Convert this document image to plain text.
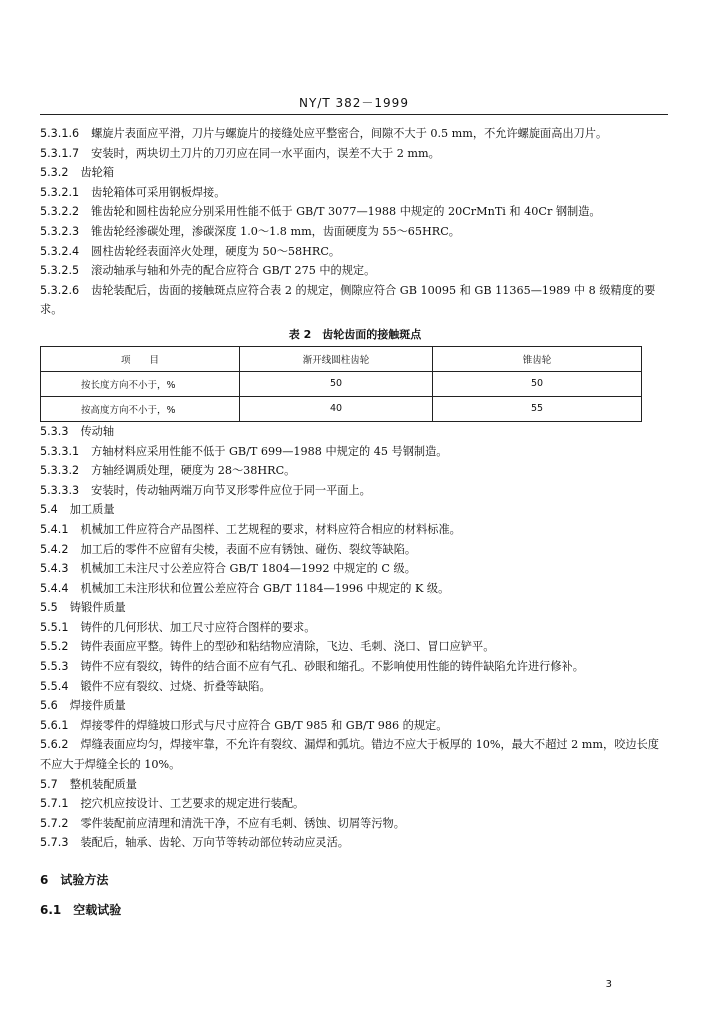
NY/T 382－1999

5.3.1.6 螺旋片表面应平滑，刀片与螺旋片的接缝处应平整密合，间隙不大于 0.5 mm，不允许螺旋面高出刀片。

5.3.1.7 安装时，两块切土刀片的刀刃应在同一水平面内，误差不大于 2 mm。

5.3.2 齿轮箱

5.3.2.1 齿轮箱体可采用钢板焊接。

5.3.2.2 锥齿轮和圆柱齿轮应分别采用性能不低于 GB/T 3077—1988 中规定的 20CrMnTi 和 40Cr 钢制造。

5.3.2.3 锥齿轮经渗碳处理，渗碳深度 1.0～1.8 mm，齿面硬度为 55～65HRC。

5.3.2.4 圆柱齿轮经表面淬火处理，硬度为 50～58HRC。

5.3.2.5 滚动轴承与轴和外壳的配合应符合 GB/T 275 中的规定。

5.3.2.6 齿轮装配后，齿面的接触斑点应符合表 2 的规定，侧隙应符合 GB 10095 和 GB 11365—1989 中 8 级精度的要求。

表 2　齿轮齿面的接触斑点
项　　目	渐开线圆柱齿轮	锥齿轮
按长度方向不小于，%	50	50
按高度方向不小于，%	40	55

5.3.3 传动轴

5.3.3.1 方轴材料应采用性能不低于 GB/T 699—1988 中规定的 45 号钢制造。

5.3.3.2 方轴经调质处理，硬度为 28～38HRC。

5.3.3.3 安装时，传动轴两端万向节叉形零件应位于同一平面上。

5.4 加工质量

5.4.1 机械加工件应符合产品图样、工艺规程的要求，材料应符合相应的材料标准。

5.4.2 加工后的零件不应留有尖棱，表面不应有锈蚀、碰伤、裂纹等缺陷。

5.4.3 机械加工未注尺寸公差应符合 GB/T 1804—1992 中规定的 C 级。

5.4.4 机械加工未注形状和位置公差应符合 GB/T 1184—1996 中规定的 K 级。

5.5 铸锻件质量

5.5.1 铸件的几何形状、加工尺寸应符合图样的要求。

5.5.2 铸件表面应平整。铸件上的型砂和粘结物应清除，飞边、毛刺、浇口、冒口应铲平。

5.5.3 铸件不应有裂纹，铸件的结合面不应有气孔、砂眼和缩孔。不影响使用性能的铸件缺陷允许进行修补。

5.5.4 锻件不应有裂纹、过烧、折叠等缺陷。

5.6 焊接件质量

5.6.1 焊接零件的焊缝坡口形式与尺寸应符合 GB/T 985 和 GB/T 986 的规定。

5.6.2 焊缝表面应均匀，焊接牢靠，不允许有裂纹、漏焊和弧坑。错边不应大于板厚的 10%，最大不超过 2 mm，咬边长度不应大于焊缝全长的 10%。

5.7 整机装配质量

5.7.1 挖穴机应按设计、工艺要求的规定进行装配。

5.7.2 零件装配前应清理和清洗干净，不应有毛刺、锈蚀、切屑等污物。

5.7.3 装配后，轴承、齿轮、万向节等转动部位转动应灵活。

6 试验方法

6.1 空载试验

3
